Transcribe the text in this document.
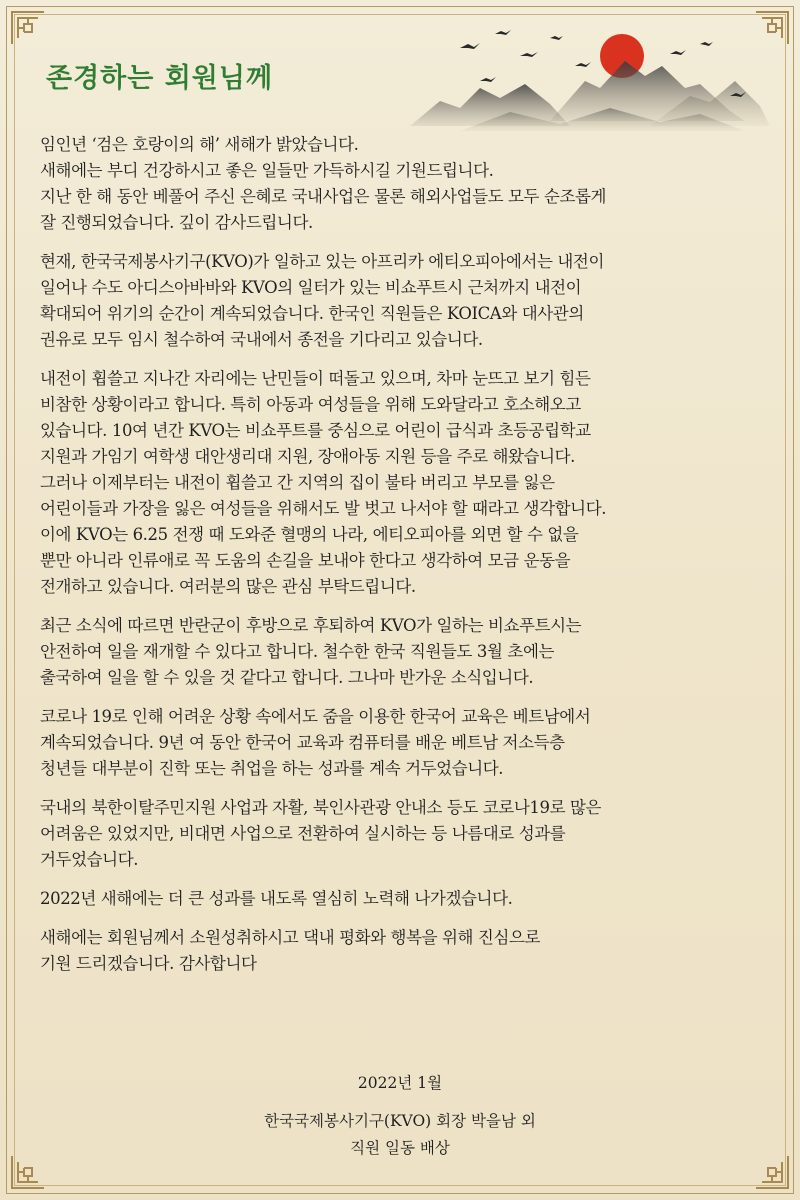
존경하는 회원님께
임인년 ‘검은 호랑이의 해’ 새해가 밝았습니다.
새해에는 부디 건강하시고 좋은 일들만 가득하시길 기원드립니다.
지난 한 해 동안 베풀어 주신 은혜로 국내사업은 물론 해외사업들도 모두 순조롭게
잘 진행되었습니다. 깊이 감사드립니다.
현재, 한국국제봉사기구(KVO)가 일하고 있는 아프리카 에티오피아에서는 내전이
일어나 수도 아디스아바바와 KVO의 일터가 있는 비쇼푸트시 근처까지 내전이
확대되어 위기의 순간이 계속되었습니다. 한국인 직원들은 KOICA와 대사관의
권유로 모두 임시 철수하여 국내에서 종전을 기다리고 있습니다.
내전이 휩쓸고 지나간 자리에는 난민들이 떠돌고 있으며, 차마 눈뜨고 보기 힘든
비참한 상황이라고 합니다. 특히 아동과 여성들을 위해 도와달라고 호소해오고
있습니다. 10여 년간 KVO는 비쇼푸트를 중심으로 어린이 급식과 초등공립학교
지원과 가임기 여학생 대안생리대 지원, 장애아동 지원 등을 주로 해왔습니다.
그러나 이제부터는 내전이 휩쓸고 간 지역의 집이 불타 버리고 부모를 잃은
어린이들과 가장을 잃은 여성들을 위해서도 발 벗고 나서야 할 때라고 생각합니다.
이에 KVO는 6.25 전쟁 때 도와준 혈맹의 나라, 에티오피아를 외면 할 수 없을
뿐만 아니라 인류애로 꼭 도움의 손길을 보내야 한다고 생각하여 모금 운동을
전개하고 있습니다. 여러분의 많은 관심 부탁드립니다.
최근 소식에 따르면 반란군이 후방으로 후퇴하여 KVO가 일하는 비쇼푸트시는
안전하여 일을 재개할 수 있다고 합니다. 철수한 한국 직원들도 3월 초에는
출국하여 일을 할 수 있을 것 같다고 합니다. 그나마 반가운 소식입니다.
코로나 19로 인해 어려운 상황 속에서도 줌을 이용한 한국어 교육은 베트남에서
계속되었습니다. 9년 여 동안 한국어 교육과 컴퓨터를 배운 베트남 저소득층
청년들 대부분이 진학 또는 취업을 하는 성과를 계속 거두었습니다.
국내의 북한이탈주민지원 사업과 자활, 북인사관광 안내소 등도 코로나19로 많은
어려움은 있었지만, 비대면 사업으로 전환하여 실시하는 등 나름대로 성과를
거두었습니다.
2022년 새해에는 더 큰 성과를 내도록 열심히 노력해 나가겠습니다.
새해에는 회원님께서 소원성취하시고 댁내 평화와 행복을 위해 진심으로
기원 드리겠습니다. 감사합니다
2022년 1월
한국국제봉사기구(KVO) 회장 박을남 외
직원 일동 배상
